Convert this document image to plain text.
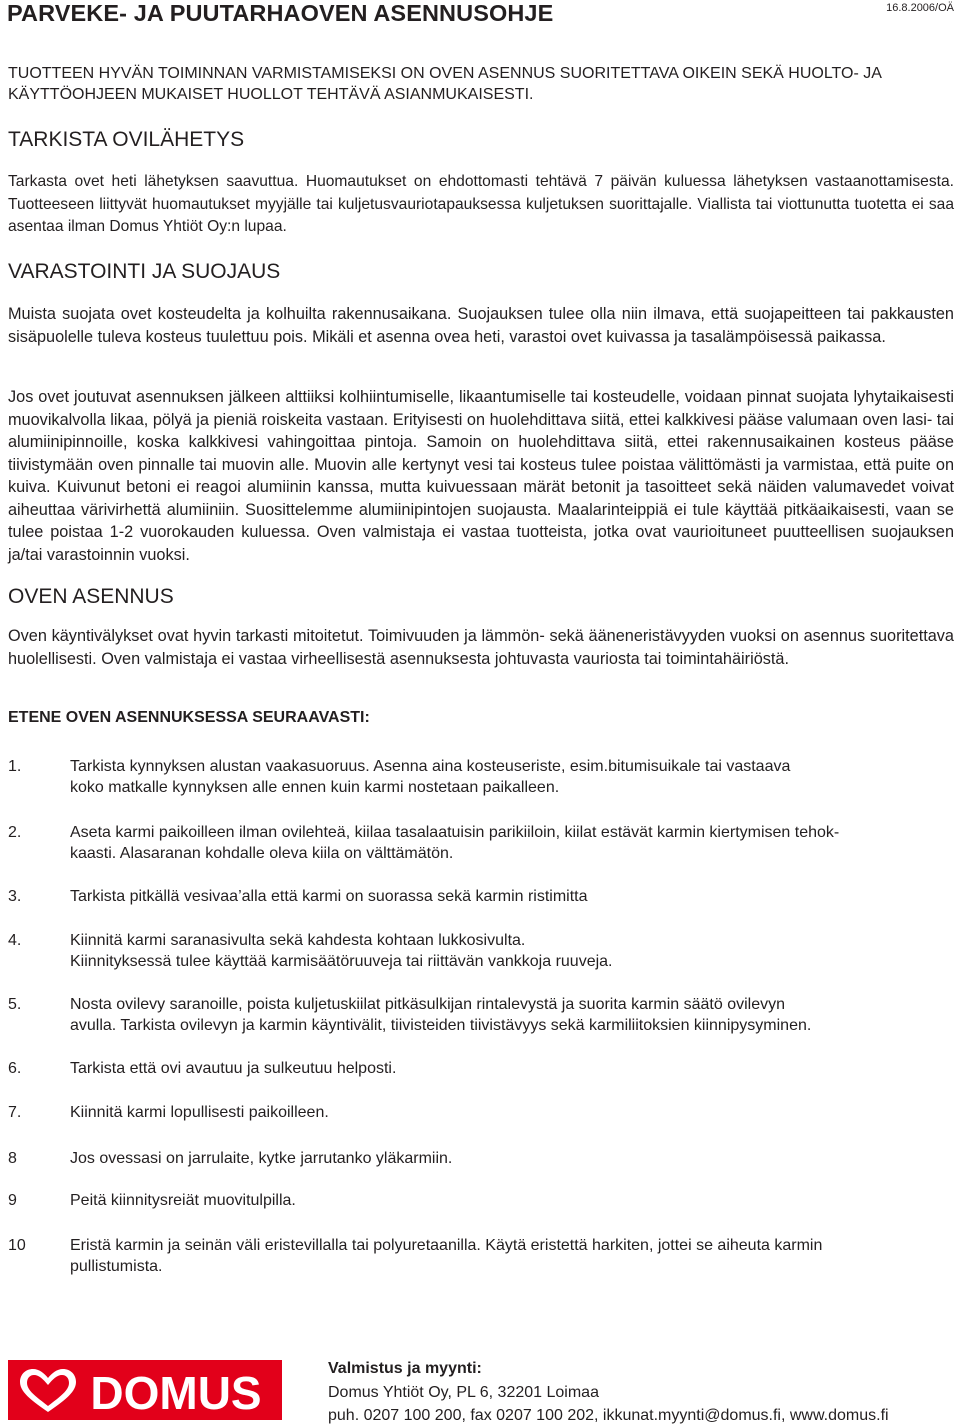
PARVEKE- JA PUUTARHAOVEN ASENNUSOHJE	16.8.2006/OÄ
TUOTTEEN HYVÄN TOIMINNAN VARMISTAMISEKSI ON OVEN ASENNUS SUORITETTAVA OIKEIN SEKÄ HUOLTO- JA KÄYTTÖOHJEEN MUKAISET HUOLLOT TEHTÄVÄ ASIANMUKAISESTI.
TARKISTA OVILÄHETYS

Tarkasta ovet heti lähetyksen saavuttua. Huomautukset on ehdottomasti tehtävä 7 päivän kuluessa lähetyksen vastaanottamisesta. Tuotteeseen liittyvät huomautukset myyjälle tai kuljetusvauriotapauksessa kuljetuksen suorittajalle. Viallista tai viottunutta tuotetta ei saa asentaa ilman Domus Yhtiöt Oy:n lupaa.

VARASTOINTI JA SUOJAUS

Muista suojata ovet kosteudelta ja kolhuilta rakennusaikana. Suojauksen tulee olla niin ilmava, että suojapeitteen tai pakkausten sisäpuolelle tuleva kosteus tuulettuu pois. Mikäli et asenna ovea heti, varastoi ovet kuivassa ja tasalämpöisessä paikassa.

Jos ovet joutuvat asennuksen jälkeen alttiiksi kolhiintumiselle, likaantumiselle tai kosteudelle, voidaan pinnat suojata lyhytaikaisesti muovikalvolla likaa, pölyä ja pieniä roiskeita vastaan. Erityisesti on huolehdittava siitä, ettei kalkkivesi pääse valumaan oven lasi- tai alumiinipinnoille, koska kalkkivesi vahingoittaa pintoja. Samoin on huolehdittava siitä, ettei rakennusaikainen kosteus pääse tiivistymään oven pinnalle tai muovin alle. Muovin alle kertynyt vesi tai kosteus tulee poistaa välittömästi ja varmistaa, että puite on kuiva. Kuivunut betoni ei reagoi alumiinin kanssa, mutta kuivuessaan märät betonit ja tasoitteet sekä näiden valumavedet voivat aiheuttaa värivirhettä alumiiniin. Suosittelemme alumiinipintojen suojausta. Maalarinteippiä ei tule käyttää pitkäaikaisesti, vaan se tulee poistaa 1-2 vuorokauden kuluessa. Oven valmistaja ei vastaa tuotteista, jotka ovat vaurioituneet puutteellisen suojauksen ja/tai varastoinnin vuoksi.

OVEN ASENNUS

Oven käyntivälykset ovat hyvin tarkasti mitoitetut. Toimivuuden ja lämmön- sekä ääneneristävyyden vuoksi on asennus suoritettava huolellisesti. Oven valmistaja ei vastaa virheellisestä asennuksesta johtuvasta vauriosta tai toimintahäiriöstä.

ETENE OVEN ASENNUKSESSA SEURAAVASTI:
1.	Tarkista kynnyksen alustan vaakasuoruus. Asenna aina kosteuseriste, esim.bitumisuikale tai vastaava
koko matkalle kynnyksen alle ennen kuin karmi nostetaan paikalleen.
2.	Aseta karmi paikoilleen ilman ovilehteä, kiilaa tasalaatuisin parikiiloin, kiilat estävät karmin kiertymisen tehok-
kaasti. Alasaranan kohdalle oleva kiila on välttämätön.
3.	Tarkista pitkällä vesivaa’alla että karmi on suorassa sekä karmin ristimitta
4.	Kiinnitä karmi saranasivulta sekä kahdesta kohtaan lukkosivulta.
Kiinnityksessä tulee käyttää karmisäätöruuveja tai riittävän vankkoja ruuveja.
5.	Nosta ovilevy saranoille, poista kuljetuskiilat pitkäsulkijan rintalevystä ja suorita karmin säätö ovilevyn
avulla. Tarkista ovilevyn ja karmin käyntivälit, tiivisteiden tiivistävyys sekä karmiliitoksien kiinnipysyminen.
6.	Tarkista että ovi avautuu ja sulkeutuu helposti.
7.	Kiinnitä karmi lopullisesti paikoilleen.
8	Jos ovessasi on jarrulaite, kytke jarrutanko yläkarmiin.
9	Peitä kiinnitysreiät muovitulpilla.
10	Eristä karmin ja seinän väli eristevillalla tai polyuretaanilla. Käytä eristettä harkiten, jottei se aiheuta karmin
pullistumista.
DOMUS	Valmistus ja myynti:
Domus Yhtiöt Oy, PL 6, 32201 Loimaa
puh. 0207 100 200, fax 0207 100 202, ikkunat.myynti@domus.fi, www.domus.fi
